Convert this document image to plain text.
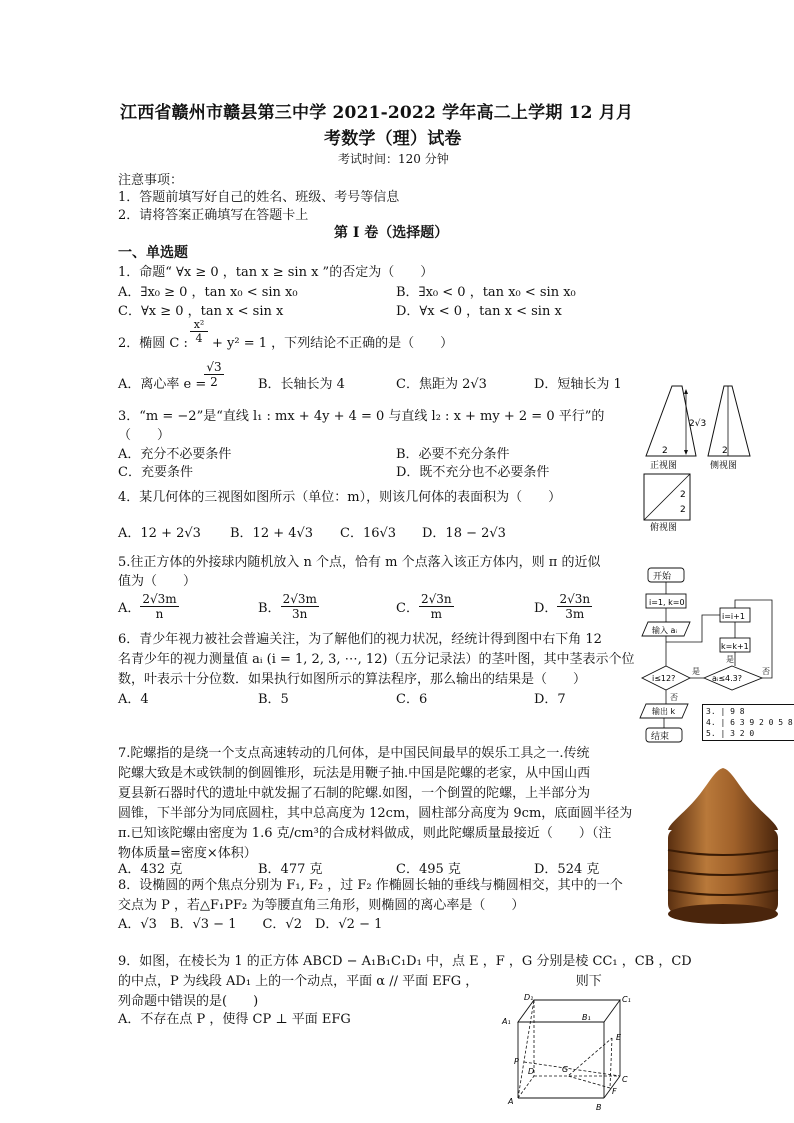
江西省赣州市赣县第三中学 2021-2022 学年高二上学期 12 月月
考数学（理）试卷
考试时间：120 分钟
注意事项：
1．答题前填写好自己的姓名、班级、考号等信息
2．请将答案正确填写在答题卡上
第 I 卷（选择题）
一、单选题
1．命题“ ∀x ≥ 0 ，tan x ≥ sin x ”的否定为（　　）
A．∃x₀ ≥ 0 ，tan x₀ < sin x₀	B．∃x₀ < 0 ，tan x₀ < sin x₀
C．∀x ≥ 0 ，tan x < sin x	D．∀x < 0 ，tan x < sin x
2．椭圆 C : $\frac{\text{x²}}{4} + y^2 = 1$ ，下列结论不正确的是（　　）
A．离心率 e =
$\frac{√3}{2}$	B．长轴长为 4	C．焦距为 2√3	D．短轴长为 1
3．“m = −2”是“直线 l₁ : mx + 4y + 4 = 0 与直线 l₂ : x + my + 2 = 0 平行”的
（　　）
A．充分不必要条件	B．必要不充分条件
C．充要条件	D．既不充分也不必要条件
4．某几何体的三视图如图所示（单位：m），则该几何体的表面积为（　　）
A．12 + 2√3 B．12 + 4√3 C．16√3 D．18 − 2√3
5.往正方体的外接球内随机放入 n 个点，恰有 m 个点落入该正方体内，则 π 的近似
值为（　　）
A． $\frac{2√3m}{n}$	B． $\frac{2√3m}{3n}$	C． $\frac{2√3n}{m}$	D． $\frac{2√3n}{3m}$
6．青少年视力被社会普遍关注，为了解他们的视力状况，经统计得到图中右下角 12
名青少年的视力测量值 aᵢ (i = 1, 2, 3, ⋯, 12)（五分记录法）的茎叶图，其中茎表示个位
数，叶表示十分位数．如果执行如图所示的算法程序，那么输出的结果是（　　）
A．4	B．5	C．6	D．7
7.陀螺指的是绕一个支点高速转动的几何体，是中国民间最早的娱乐工具之一.传统
陀螺大致是木或铁制的倒圆锥形，玩法是用鞭子抽.中国是陀螺的老家，从中国山西
夏县新石器时代的遗址中就发掘了石制的陀螺.如图，一个倒置的陀螺，上半部分为
圆锥，下半部分为同底圆柱，其中总高度为 12cm，圆柱部分高度为 9cm，底面圆半径为
π.已知该陀螺由密度为 1.6 克/cm³的合成材料做成，则此陀螺质量最接近（　　）（注
物体质量=密度×体积）
A．432 克	B．477 克	C．495 克	D．524 克
8．设椭圆的两个焦点分别为 F₁, F₂ ，过 F₂ 作椭圆长轴的垂线与椭圆相交，其中的一个
交点为 P ，若△F₁PF₂ 为等腰直角三角形，则椭圆的离心率是（　　）
A．√3　B．√3 − 1　　C．√2　D．√2 − 1
9．如图，在棱长为 1 的正方体 ABCD − A₁B₁C₁D₁ 中，点 E ，F ，G 分别是棱 CC₁ ，CB ，CD
的中点，P 为线段 AD₁ 上的一个动点，平面 α // 平面 EFG ，　　　　　　　　则下
列命题中错误的是(　　)
A．不存在点 P ，使得 CP ⊥ 平面 EFG
2√3
2	2
正视图	侧视图
2
2
俯视图
开始
i=1, k=0
输入 aᵢ
i≤12?
是
aᵢ≤4.3?
i=i+1
k=k+1
是
否
否
输出 k
结束
3. | 9 8
4. | 6 3 9 2 0 5 8
5. | 3 2 0
D₁	C₁
A₁	B₁
E
P
G
D
C
F
A
B
